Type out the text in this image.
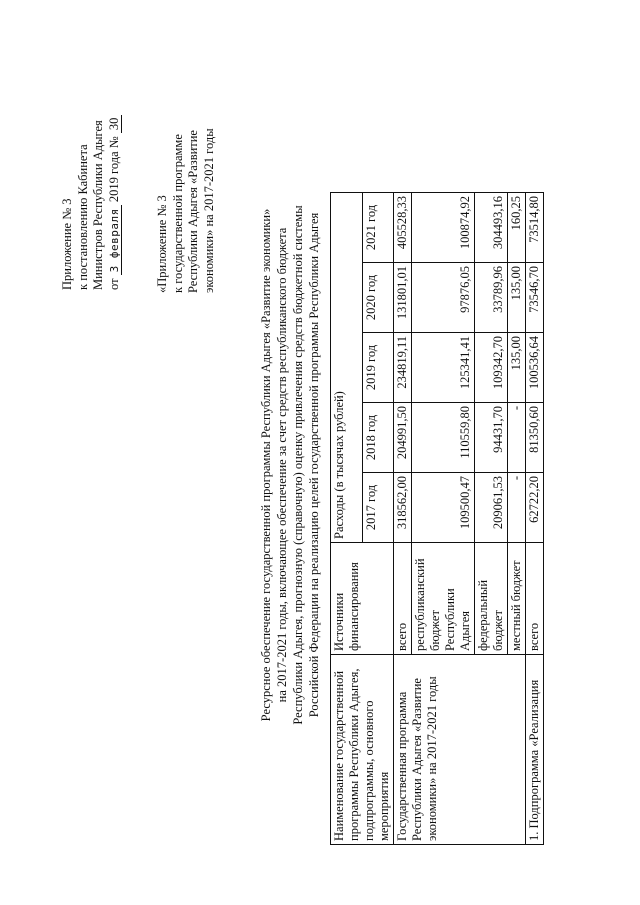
Приложение № 3 к постановлению Кабинета Министров Республики Адыгея от 3 февраля 2019 года № 30
«Приложение № 3 к государственной программе Республики Адыгея «Развитие экономики» на 2017-2021 годы	Ресурсное обеспечение государственной программы Республики Адыгея «Развитие экономики» на 2017-2021 годы, включающее обеспечение за счет средств республиканского бюджета Республики Адыгея, прогнозную (справочную) оценку привлечения средств бюджетной системы Российской Федерации на реализацию целей государственной программы Республики Адыгея
Наименование государственной программы Республики Адыгея, подпрограммы, основного мероприятия	Источники финансирования	Расходы (в тысячах рублей)				
		2017 год	2018 год	2019 год	2020 год	2021 год
Государственная программа Республики Адыгея «Развитие экономики» на 2017-2021 годы	всего	318562,00	204991,50	234819,11	131801,01	405528,33
	республиканский бюджет Республики Адыгея	109500,47	110559,80	125341,41	97876,05	100874,92
	федеральный бюджет	209061,53	94431,70	109342,70	33789,96	304493,16
	местный бюджет	-	-	135,00	135,00	160,25
1. Подпрограмма «Реализация	всего	62722,20	81350,60	100536,64	73546,70	73514,80
